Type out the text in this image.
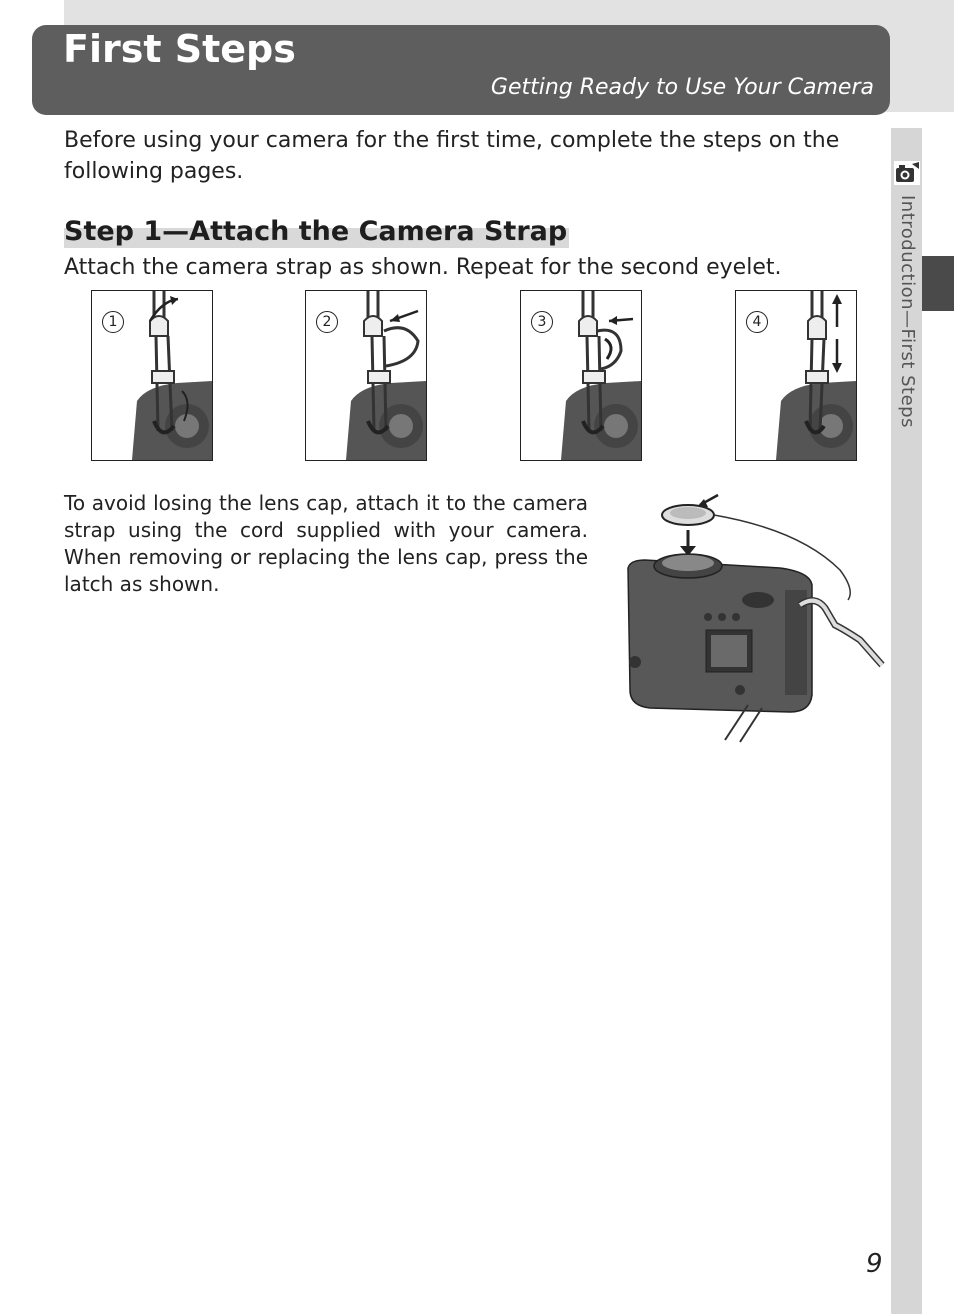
First Steps
Getting Ready to Use Your Camera
Introduction—First Steps

Before using your camera for the first time, complete the steps on the following pages.

Step 1—Attach the Camera Strap

Attach the camera strap as shown. Repeat for the second eyelet.

1	2	3	4

To avoid losing the lens cap, attach it to the camera strap using the cord supplied with your camera. When removing or replacing the lens cap, press the latch as shown.

9
